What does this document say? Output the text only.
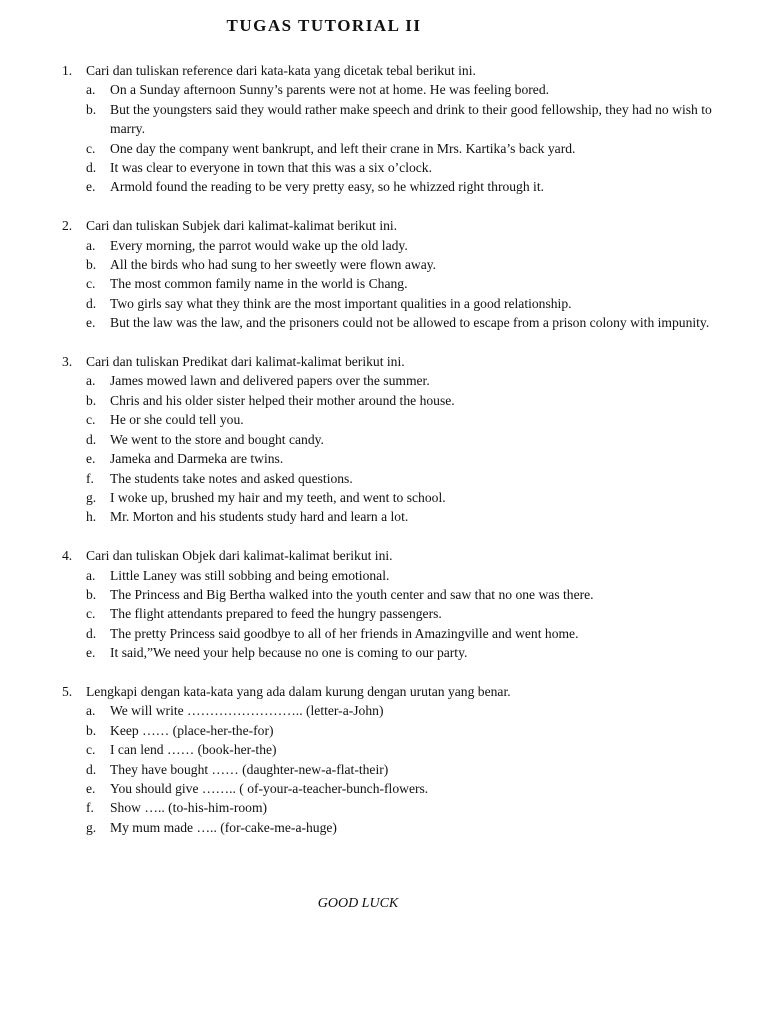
TUGAS TUTORIAL II
1. Cari dan tuliskan reference dari kata-kata yang dicetak tebal berikut ini.
a. On a Sunday afternoon Sunny’s parents were not at home. He was feeling bored.
b. But the youngsters said they would rather make speech and drink to their good fellowship, they had no wish to marry.
c. One day the company went bankrupt, and left their crane in Mrs. Kartika’s back yard.
d. It was clear to everyone in town that this was a six o’clock.
e. Armold found the reading to be very pretty easy, so he whizzed right through it.
2. Cari dan tuliskan Subjek dari kalimat-kalimat berikut ini.
a. Every morning, the parrot would wake up the old lady.
b. All the birds who had sung to her sweetly were flown away.
c. The most common family name in the world is Chang.
d. Two girls say what they think are the most important qualities in a good relationship.
e. But the law was the law, and the prisoners could not be allowed to escape from a prison colony with impunity.
3. Cari dan tuliskan Predikat dari kalimat-kalimat berikut ini.
a. James mowed lawn and delivered papers over the summer.
b. Chris and his older sister helped their mother around the house.
c. He or she could tell you.
d. We went to the store and bought candy.
e. Jameka and Darmeka are twins.
f. The students take notes and asked questions.
g. I woke up, brushed my hair and my teeth, and went to school.
h. Mr. Morton and his students study hard and learn a lot.
4. Cari dan tuliskan Objek dari kalimat-kalimat berikut ini.
a. Little Laney was still sobbing and being emotional.
b. The Princess and Big Bertha walked into the youth center and saw that no one was there.
c. The flight attendants prepared to feed the hungry passengers.
d. The pretty Princess said goodbye to all of her friends in Amazingville and went home.
e. It said,”We need your help because no one is coming to our party.
5. Lengkapi dengan kata-kata yang ada dalam kurung dengan urutan yang benar.
a. We will write …………………….. (letter-a-John)
b. Keep …… (place-her-the-for)
c. I can lend …… (book-her-the)
d. They have bought …… (daughter-new-a-flat-their)
e. You should give …….. ( of-your-a-teacher-bunch-flowers.
f. Show ….. (to-his-him-room)
g. My mum made ….. (for-cake-me-a-huge)
GOOD LUCK
